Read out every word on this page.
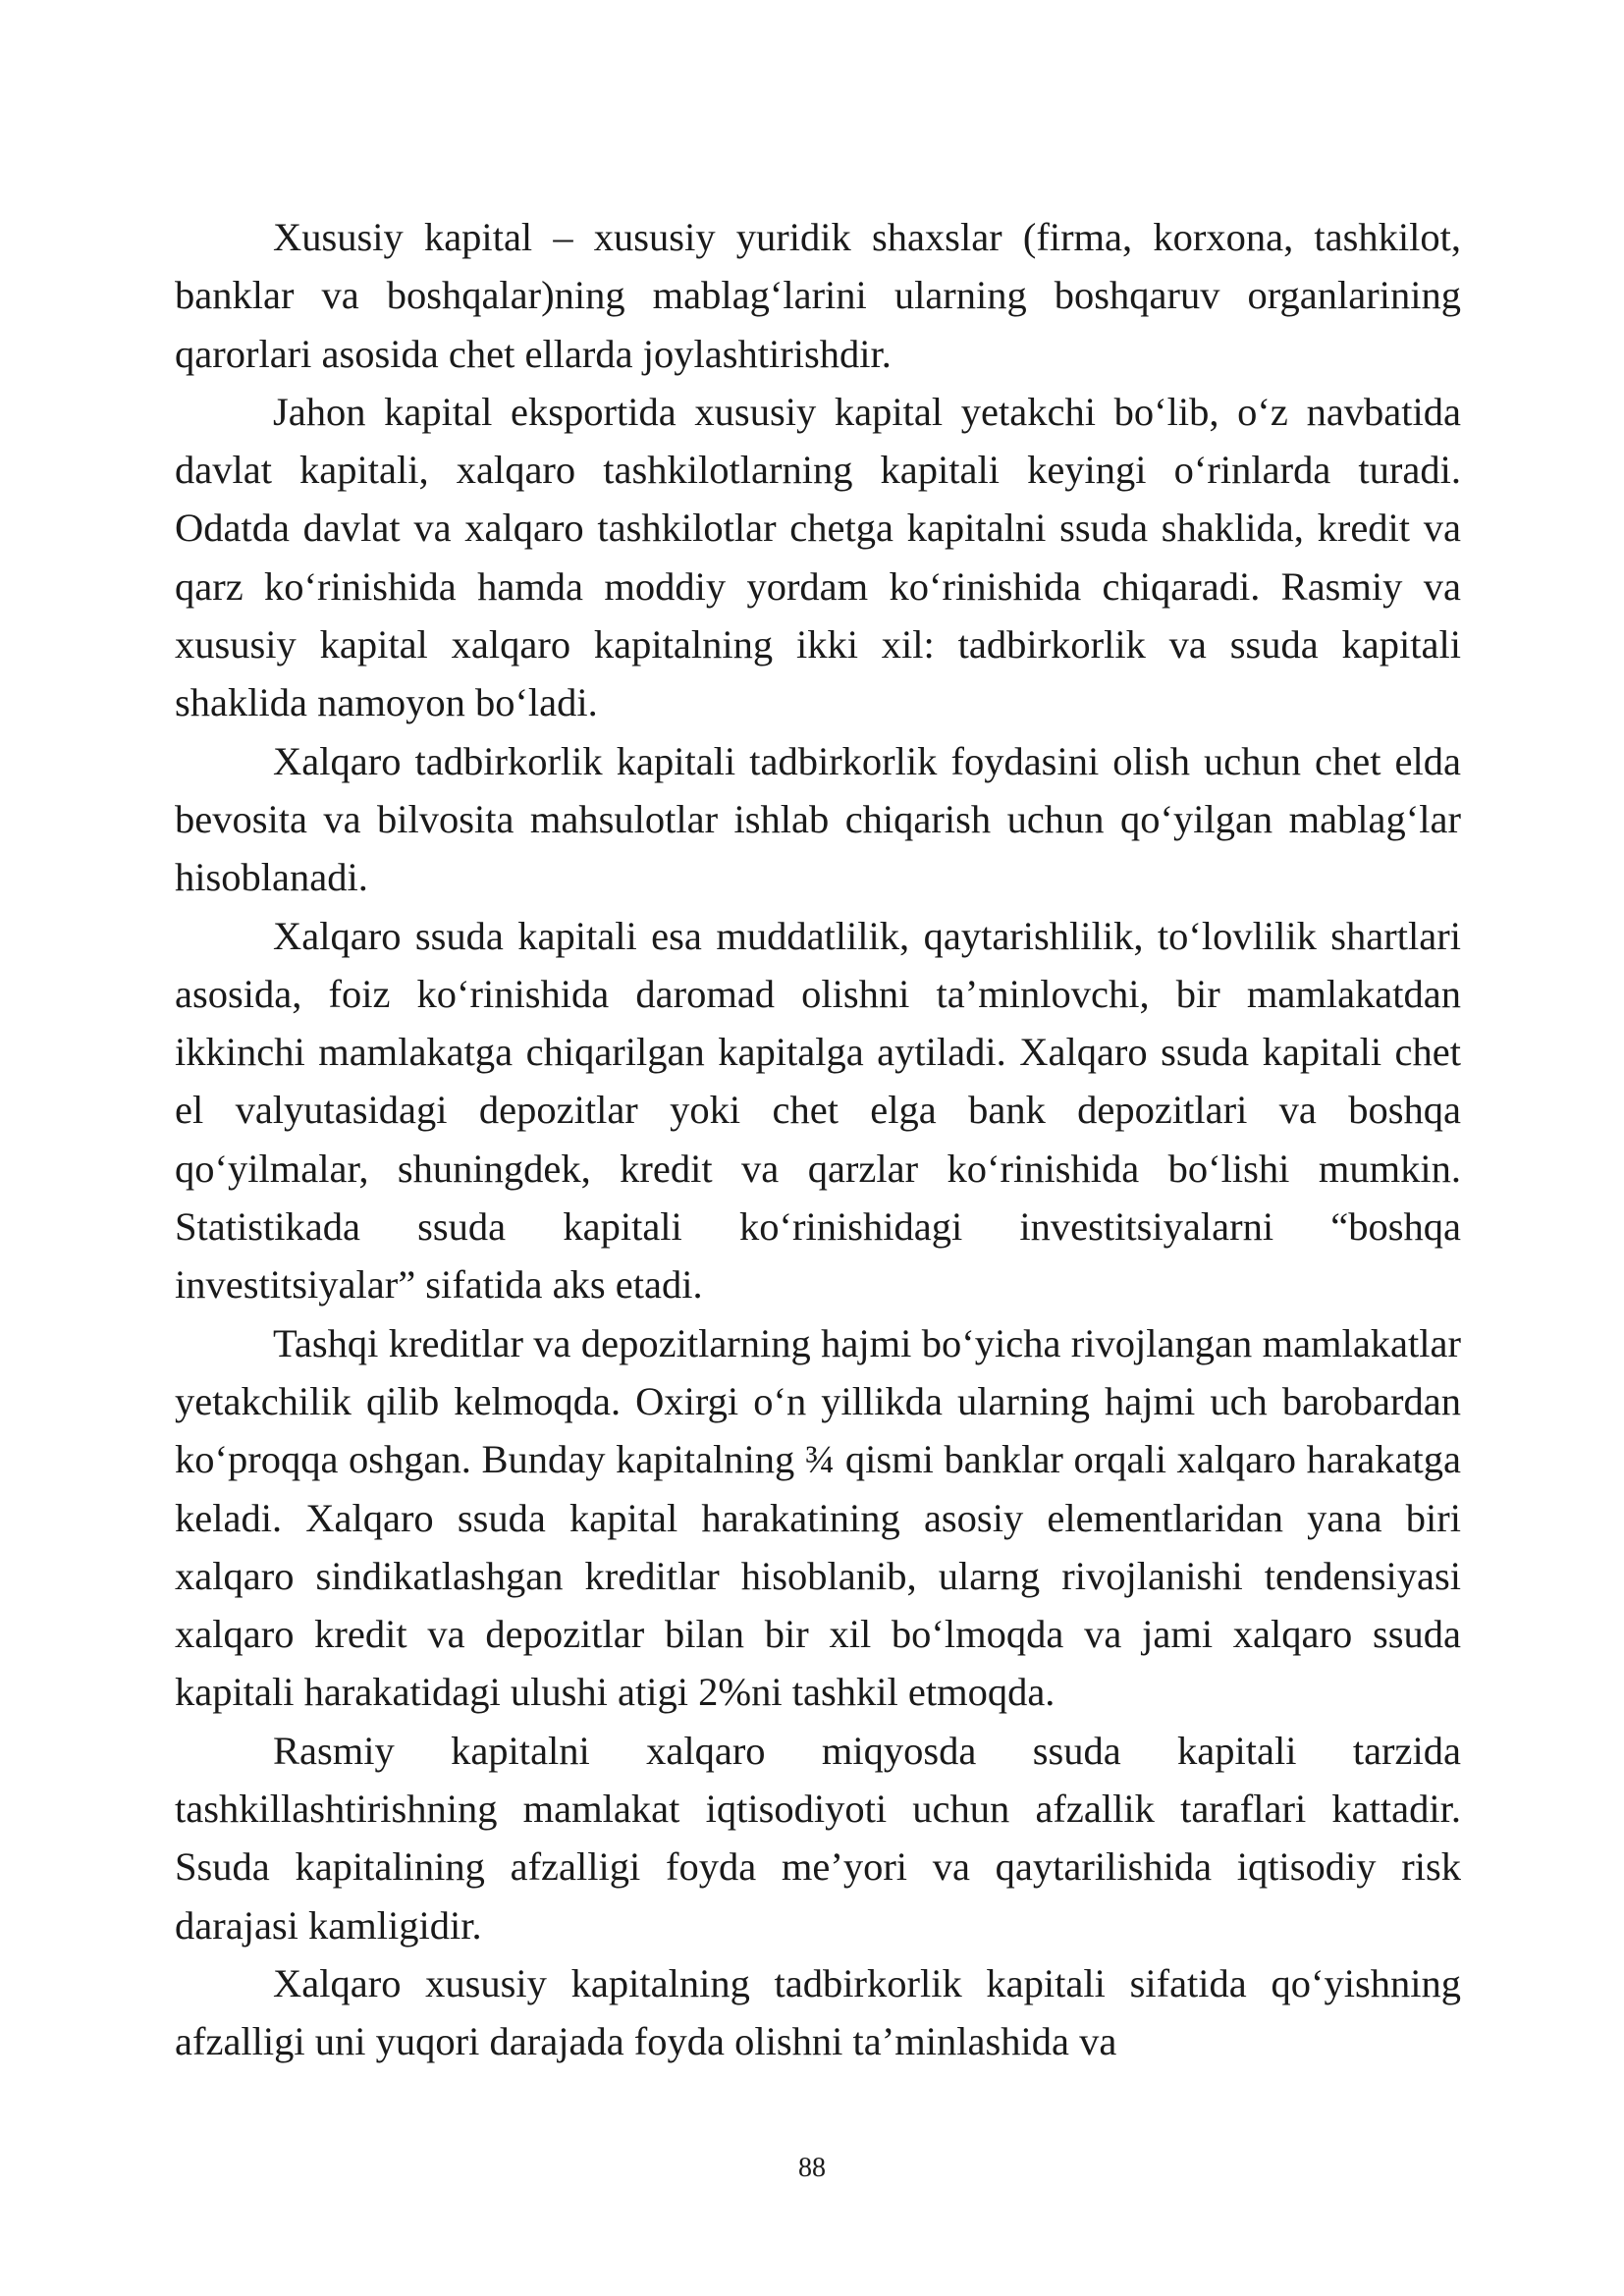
Xususiy kapital – xususiy yuridik shaxslar (firma, korxona, tashkilot, banklar va boshqalar)ning mablag‘larini ularning boshqaruv organlarining qarorlari asosida chet ellarda joylashtirishdir.

Jahon kapital eksportida xususiy kapital yetakchi bo‘lib, o‘z navbatida davlat kapitali, xalqaro tashkilotlarning kapitali keyingi o‘rinlarda turadi. Odatda davlat va xalqaro tashkilotlar chetga kapitalni ssuda shaklida, kredit va qarz ko‘rinishida hamda moddiy yordam ko‘rinishida chiqaradi. Rasmiy va xususiy kapital xalqaro kapitalning ikki xil: tadbirkorlik va ssuda kapitali shaklida namoyon bo‘ladi.

Xalqaro tadbirkorlik kapitali tadbirkorlik foydasini olish uchun chet elda bevosita va bilvosita mahsulotlar ishlab chiqarish uchun qo‘yilgan mablag‘lar hisoblanadi.

Xalqaro ssuda kapitali esa muddatlilik, qaytarishlilik, to‘lovlilik shartlari asosida, foiz ko‘rinishida daromad olishni ta’minlovchi, bir mamlakatdan ikkinchi mamlakatga chiqarilgan kapitalga aytiladi. Xalqaro ssuda kapitali chet el valyutasidagi depozitlar yoki chet elga bank depozitlari va boshqa qo‘yilmalar, shuningdek, kredit va qarzlar ko‘rinishida bo‘lishi mumkin. Statistikada ssuda kapitali ko‘rinishidagi investitsiyalarni “boshqa investitsiyalar” sifatida aks etadi.

Tashqi kreditlar va depozitlarning hajmi bo‘yicha rivojlangan mamlakatlar yetakchilik qilib kelmoqda. Oxirgi o‘n yillikda ularning hajmi uch barobardan ko‘proqqa oshgan. Bunday kapitalning ¾ qismi banklar orqali xalqaro harakatga keladi. Xalqaro ssuda kapital harakatining asosiy elementlaridan yana biri xalqaro sindikatlashgan kreditlar hisoblanib, ularng rivojlanishi tendensiyasi xalqaro kredit va depozitlar bilan bir xil bo‘lmoqda va jami xalqaro ssuda kapitali harakatidagi ulushi atigi 2%ni tashkil etmoqda.

Rasmiy kapitalni xalqaro miqyosda ssuda kapitali tarzida tashkillashtirishning mamlakat iqtisodiyoti uchun afzallik taraflari kattadir. Ssuda kapitalining afzalligi foyda me’yori va qaytarilishida iqtisodiy risk darajasi kamligidir.

Xalqaro xususiy kapitalning tadbirkorlik kapitali sifatida qo‘yishning afzalligi uni yuqori darajada foyda olishni ta’minlashida va

88
